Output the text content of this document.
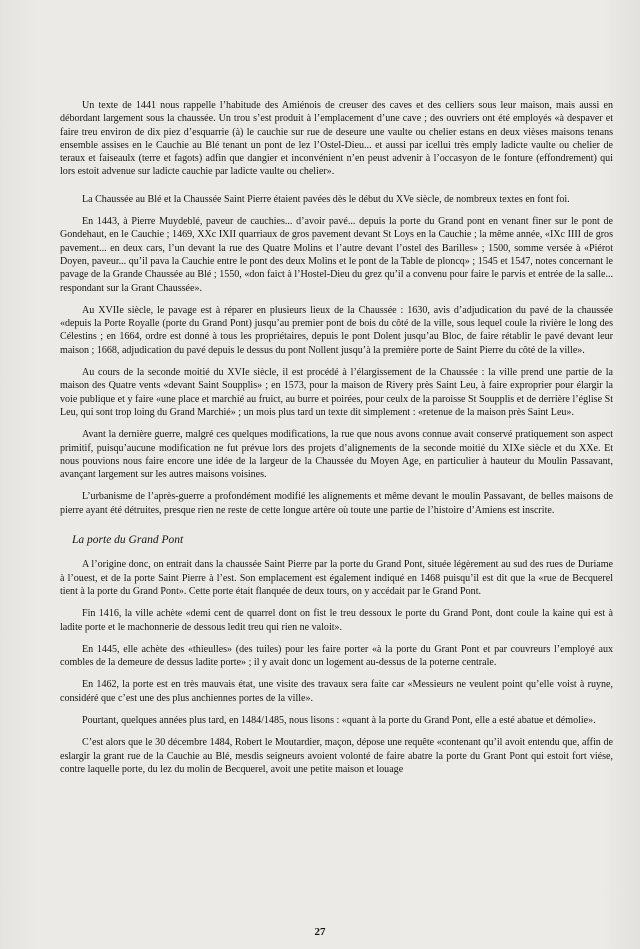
Un texte de 1441 nous rappelle l’habitude des Amiénois de creuser des caves et des celliers sous leur maison, mais aussi en débordant largement sous la chaussée. Un trou s’est produit à l’emplacement d’une cave ; des ouvriers ont été employés «à despaver et faire treu environ de dix piez d’esquarrie (à) le cauchie sur rue de deseure une vaulte ou chelier estans en deux vièses maisons tenans ensemble assises en le Cauchie au Blé tenant un pont de lez l’Ostel-Dieu... et aussi par icellui très emply ladicte vaulte ou chelier de teraux et faiseaulx (terre et fagots) adfin que dangier et inconvénient n’en peust advenir à l’occasyon de le fonture (effondrement) qui lors estoit advenue sur ladicte cauchie par ladicte vaulte ou chelier».

La Chaussée au Blé et la Chaussée Saint Pierre étaient pavées dès le début du XVe siècle, de nombreux textes en font foi.

En 1443, à Pierre Muydeblé, paveur de cauchies... d’avoir pavé... depuis la porte du Grand pont en venant finer sur le pont de Gondehaut, en le Cauchie ; 1469, XXc IXII quarriaux de gros pavement devant St Loys en la Cauchie ; la même année, «IXc IIII de gros pavement... en deux cars, l’un devant la rue des Quatre Molins et l’autre devant l’ostel des Barilles» ; 1500, somme versée à «Piérot Doyen, paveur... qu’il pava la Cauchie entre le pont des deux Molins et le pont de la Table de ploncq» ; 1545 et 1547, notes concernant le pavage de la Grande Chaussée au Blé ; 1550, «don faict à l’Hostel-Dieu du grez qu’il a convenu pour faire le parvis et entrée de la salle... respondant sur la Grant Chaussée».

Au XVIIe siècle, le pavage est à réparer en plusieurs lieux de la Chaussée : 1630, avis d’adjudication du pavé de la chaussée «depuis la Porte Royalle (porte du Grand Pont) jusqu’au premier pont de bois du côté de la ville, sous lequel coule la rivière le long des Célestins ; en 1664, ordre est donné à tous les propriétaires, depuis le pont Dolent jusqu’au Bloc, de faire rétablir le pavé devant leur maison ; 1668, adjudication du pavé depuis le dessus du pont Nollent jusqu’à la première porte de Saint Pierre du côté de la ville».

Au cours de la seconde moitié du XVIe siècle, il est procédé à l’élargissement de la Chaussée : la ville prend une partie de la maison des Quatre vents «devant Saint Soupplis» ; en 1573, pour la maison de Rivery près Saint Leu, à faire exproprier pour élargir la voie publique et y faire «une place et marchié au fruict, au burre et poirées, pour ceulx de la paroisse St Soupplis et de derrière l’église St Leu, qui sont trop loing du Grand Marchié» ; un mois plus tard un texte dit simplement : «retenue de la maison près Saint Leu».

Avant la dernière guerre, malgré ces quelques modifications, la rue que nous avons connue avait conservé pratiquement son aspect primitif, puisqu’aucune modification ne fut prévue lors des projets d’alignements de la seconde moitié du XIXe siècle et du XXe. Et nous pouvions nous faire encore une idée de la largeur de la Chaussée du Moyen Age, en particulier à hauteur du Moulin Passavant, avançant largement sur les autres maisons voisines.

L’urbanisme de l’après-guerre a profondément modifié les alignements et même devant le moulin Passavant, de belles maisons de pierre ayant été détruites, presque rien ne reste de cette longue artère où toute une partie de l’histoire d’Amiens est inscrite.

La porte du Grand Pont

A l’origine donc, on entrait dans la chaussée Saint Pierre par la porte du Grand Pont, située légèrement au sud des rues de Duriame à l’ouest, et de la porte Saint Pierre à l’est. Son emplacement est également indiqué en 1468 puisqu’il est dit que la «rue de Becquerel tient à la porte du Grand Pont». Cette porte était flanquée de deux tours, on y accédait par le Grand Pont.

Fin 1416, la ville achète «demi cent de quarrel dont on fist le treu dessoux le porte du Grand Pont, dont coule la kaine qui est à ladite porte et le machonnerie de dessous ledit treu qui rien ne valoit».

En 1445, elle achète des «thieulles» (des tuiles) pour les faire porter «à la porte du Grant Pont et par couvreurs l’employé aux combles de la demeure de dessus ladite porte» ; il y avait donc un logement au-dessus de la poterne centrale.

En 1462, la porte est en très mauvais état, une visite des travaux sera faite car «Messieurs ne veulent point qu’elle voist à ruyne, considéré que c’est une des plus anchiennes portes de la ville».

Pourtant, quelques années plus tard, en 1484/1485, nous lisons : «quant à la porte du Grand Pont, elle a esté abatue et démolie».

C’est alors que le 30 décembre 1484, Robert le Moutardier, maçon, dépose une requête «contenant qu’il avoit entendu que, affin de eslargir la grant rue de la Cauchie au Blé, mesdis seigneurs avoient volonté de faire abatre la porte du Grant Pont qui estoit fort viése, contre laquelle porte, du lez du molin de Becquerel, avoit une petite maison et louage

27
